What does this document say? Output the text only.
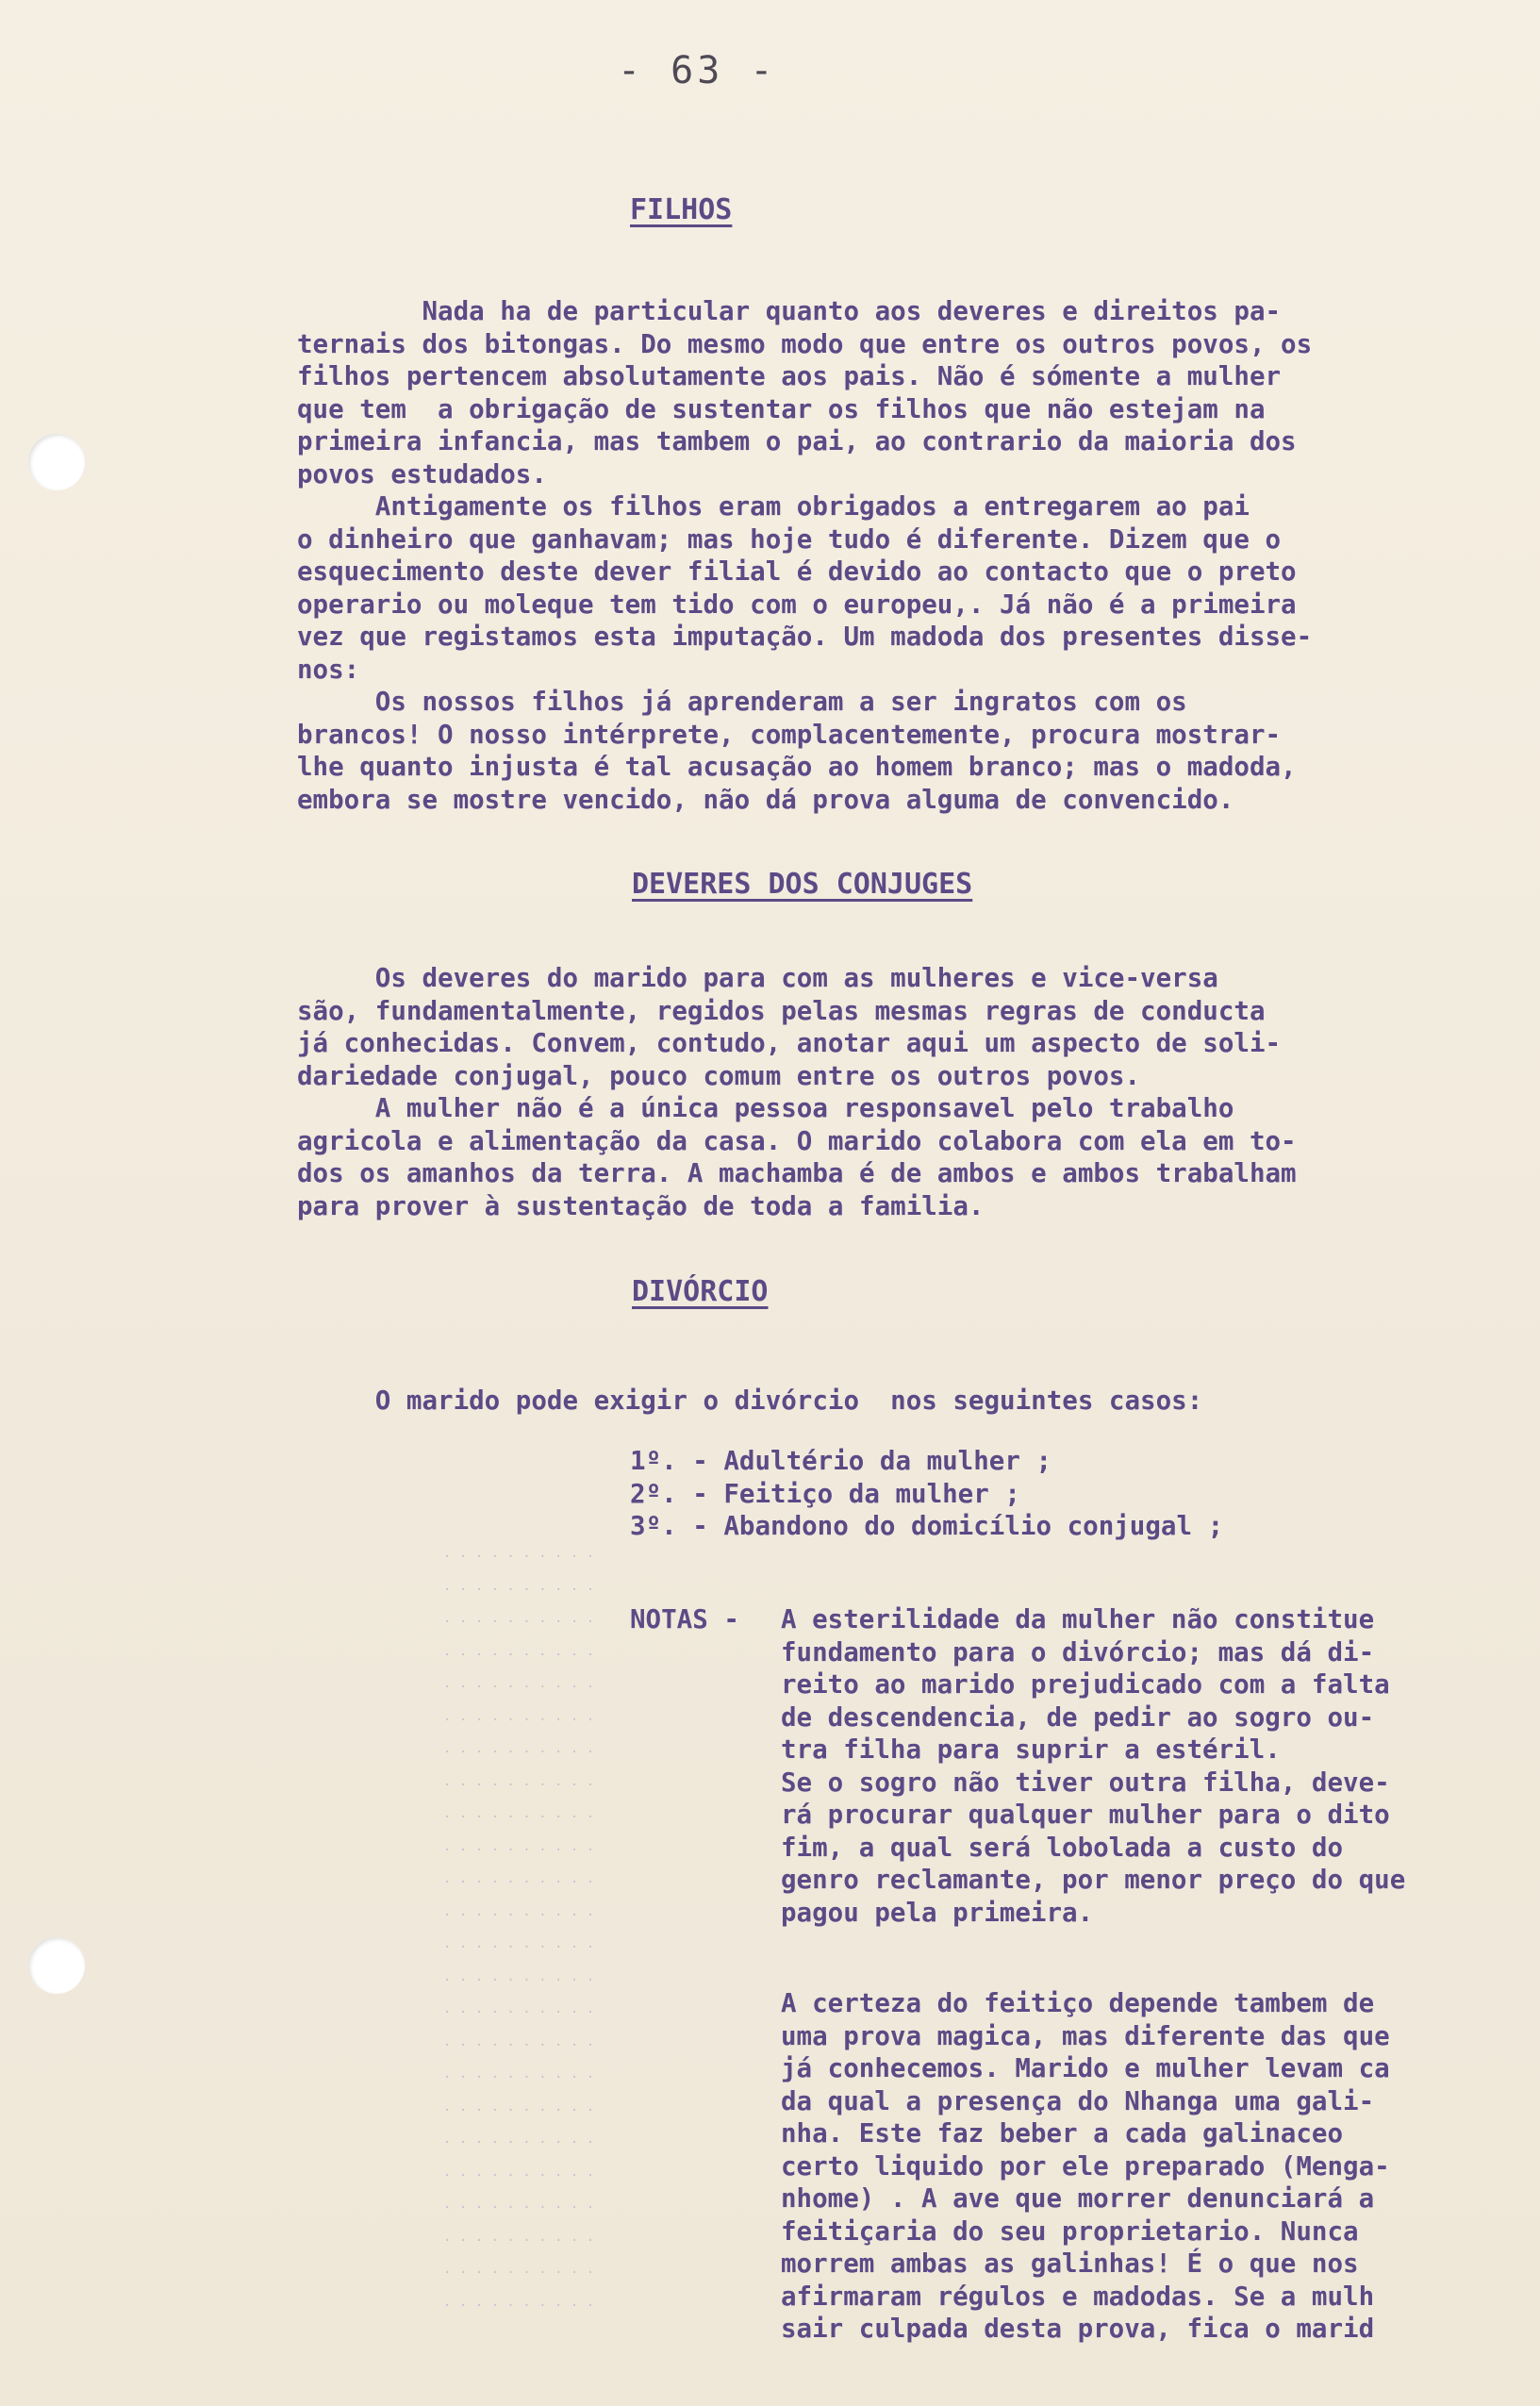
- 63 -
FILHOS
Nada ha de particular quanto aos deveres e direitos pa-
ternais dos bitongas. Do mesmo modo que entre os outros povos, os
filhos pertencem absolutamente aos pais. Não é sómente a mulher
que tem  a obrigação de sustentar os filhos que não estejam na
primeira infancia, mas tambem o pai, ao contrario da maioria dos
povos estudados.
Antigamente os filhos eram obrigados a entregarem ao pai
o dinheiro que ganhavam; mas hoje tudo é diferente. Dizem que o
esquecimento deste dever filial é devido ao contacto que o preto
operario ou moleque tem tido com o europeu,. Já não é a primeira
vez que registamos esta imputação. Um madoda dos presentes disse-
nos:
Os nossos filhos já aprenderam a ser ingratos com os
brancos! O nosso intérprete, complacentemente, procura mostrar-
lhe quanto injusta é tal acusação ao homem branco; mas o madoda,
embora se mostre vencido, não dá prova alguma de convencido.
DEVERES DOS CONJUGES
Os deveres do marido para com as mulheres e vice-versa
são, fundamentalmente, regidos pelas mesmas regras de conducta
já conhecidas. Convem, contudo, anotar aqui um aspecto de soli-
dariedade conjugal, pouco comum entre os outros povos.
A mulher não é a única pessoa responsavel pelo trabalho
agricola e alimentação da casa. O marido colabora com ela em to-
dos os amanhos da terra. A machamba é de ambos e ambos trabalham
para prover à sustentação de toda a familia.
DIVÓRCIO
O marido pode exigir o divórcio  nos seguintes casos:
1º. - Adultério da mulher ;
2º. - Feitiço da mulher ;
3º. - Abandono do domicílio conjugal ;
NOTAS - A esterilidade da mulher não constitue
fundamento para o divórcio; mas dá di-
reito ao marido prejudicado com a falta
de descendencia, de pedir ao sogro ou-
tra filha para suprir a estéril.
Se o sogro não tiver outra filha, deve-
rá procurar qualquer mulher para o dito
fim, a qual será lobolada a custo do
genro reclamante, por menor preço do que
pagou pela primeira.
A certeza do feitiço depende tambem de
uma prova magica, mas diferente das que
já conhecemos. Marido e mulher levam ca
da qual a presença do Nhanga uma gali-
nha. Este faz beber a cada galinaceo
certo liquido por ele preparado (Menga-
nhome) . A ave que morrer denunciará a
feitiçaria do seu proprietario. Nunca
morrem ambas as galinhas! É o que nos
afirmaram régulos e madodas. Se a mulh
sair culpada desta prova, fica o marid
. . . . . . . . . .
. . . . . . . . . .
. . . . . . . . . .
. . . . . . . . . .
. . . . . . . . . .
. . . . . . . . . .
. . . . . . . . . .
. . . . . . . . . .
. . . . . . . . . .
. . . . . . . . . .
. . . . . . . . . .
. . . . . . . . . .
. . . . . . . . . .
. . . . . . . . . .
. . . . . . . . . .
. . . . . . . . . .
. . . . . . . . . .
. . . . . . . . . .
. . . . . . . . . .
. . . . . . . . . .
. . . . . . . . . .
. . . . . . . . . .
. . . . . . . . . .
. . . . . . . . . .
